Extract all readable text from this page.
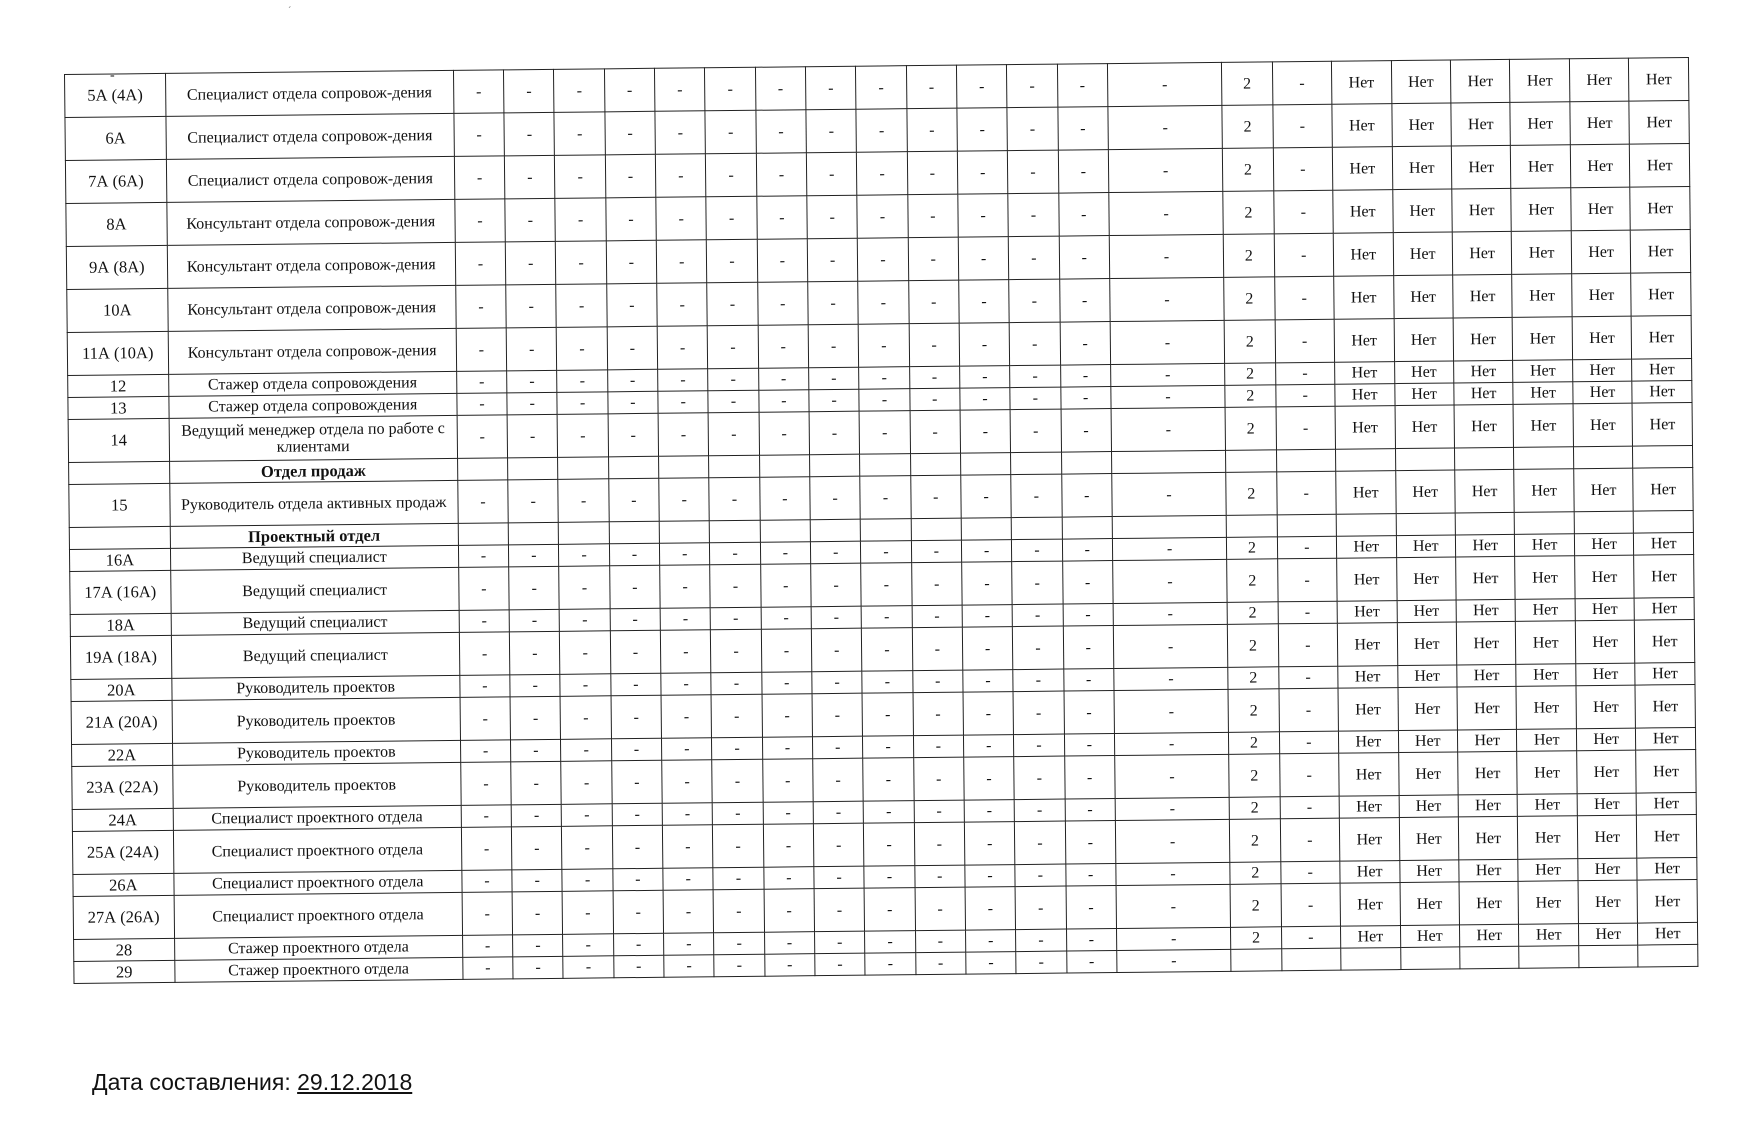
-
´
5А (4А)	Специалист отдела сопровож-дения	-	-	-	-	-	-	-	-	-	-	-	-	-	-	2	-	Нет	Нет	Нет	Нет	Нет	Нет
6А	Специалист отдела сопровож-дения	-	-	-	-	-	-	-	-	-	-	-	-	-	-	2	-	Нет	Нет	Нет	Нет	Нет	Нет
7А (6А)	Специалист отдела сопровож-дения	-	-	-	-	-	-	-	-	-	-	-	-	-	-	2	-	Нет	Нет	Нет	Нет	Нет	Нет
8А	Консультант отдела сопровож-дения	-	-	-	-	-	-	-	-	-	-	-	-	-	-	2	-	Нет	Нет	Нет	Нет	Нет	Нет
9А (8А)	Консультант отдела сопровож-дения	-	-	-	-	-	-	-	-	-	-	-	-	-	-	2	-	Нет	Нет	Нет	Нет	Нет	Нет
10А	Консультант отдела сопровож-дения	-	-	-	-	-	-	-	-	-	-	-	-	-	-	2	-	Нет	Нет	Нет	Нет	Нет	Нет
11А (10А)	Консультант отдела сопровож-дения	-	-	-	-	-	-	-	-	-	-	-	-	-	-	2	-	Нет	Нет	Нет	Нет	Нет	Нет
12	Стажер отдела сопровождения	-	-	-	-	-	-	-	-	-	-	-	-	-	-	2	-	Нет	Нет	Нет	Нет	Нет	Нет
13	Стажер отдела сопровождения	-	-	-	-	-	-	-	-	-	-	-	-	-	-	2	-	Нет	Нет	Нет	Нет	Нет	Нет
14	Ведущий менеджер отдела по работе с клиентами	-	-	-	-	-	-	-	-	-	-	-	-	-	-	2	-	Нет	Нет	Нет	Нет	Нет	Нет
	Отдел продаж																						
15	Руководитель отдела активных продаж	-	-	-	-	-	-	-	-	-	-	-	-	-	-	2	-	Нет	Нет	Нет	Нет	Нет	Нет
	Проектный отдел																						
16А	Ведущий специалист	-	-	-	-	-	-	-	-	-	-	-	-	-	-	2	-	Нет	Нет	Нет	Нет	Нет	Нет
17А (16А)	Ведущий специалист	-	-	-	-	-	-	-	-	-	-	-	-	-	-	2	-	Нет	Нет	Нет	Нет	Нет	Нет
18А	Ведущий специалист	-	-	-	-	-	-	-	-	-	-	-	-	-	-	2	-	Нет	Нет	Нет	Нет	Нет	Нет
19А (18А)	Ведущий специалист	-	-	-	-	-	-	-	-	-	-	-	-	-	-	2	-	Нет	Нет	Нет	Нет	Нет	Нет
20А	Руководитель проектов	-	-	-	-	-	-	-	-	-	-	-	-	-	-	2	-	Нет	Нет	Нет	Нет	Нет	Нет
21А (20А)	Руководитель проектов	-	-	-	-	-	-	-	-	-	-	-	-	-	-	2	-	Нет	Нет	Нет	Нет	Нет	Нет
22А	Руководитель проектов	-	-	-	-	-	-	-	-	-	-	-	-	-	-	2	-	Нет	Нет	Нет	Нет	Нет	Нет
23А (22А)	Руководитель проектов	-	-	-	-	-	-	-	-	-	-	-	-	-	-	2	-	Нет	Нет	Нет	Нет	Нет	Нет
24А	Специалист проектного отдела	-	-	-	-	-	-	-	-	-	-	-	-	-	-	2	-	Нет	Нет	Нет	Нет	Нет	Нет
25А (24А)	Специалист проектного отдела	-	-	-	-	-	-	-	-	-	-	-	-	-	-	2	-	Нет	Нет	Нет	Нет	Нет	Нет
26А	Специалист проектного отдела	-	-	-	-	-	-	-	-	-	-	-	-	-	-	2	-	Нет	Нет	Нет	Нет	Нет	Нет
27А (26А)	Специалист проектного отдела	-	-	-	-	-	-	-	-	-	-	-	-	-	-	2	-	Нет	Нет	Нет	Нет	Нет	Нет
28	Стажер проектного отдела	-	-	-	-	-	-	-	-	-	-	-	-	-	-	2	-	Нет	Нет	Нет	Нет	Нет	Нет
29	Стажер проектного отдела	-	-	-	-	-	-	-	-	-	-	-	-	-	-								
Дата составления: 29.12.2018
